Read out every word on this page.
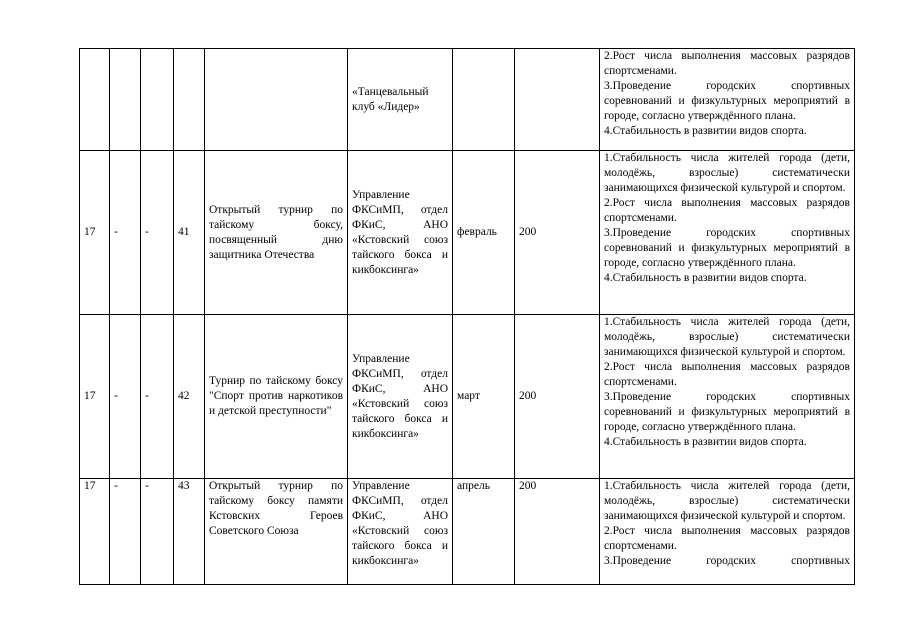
					«Танцевальный клуб «Лидер»			2.Рост числа выполнения массовых разрядов спортсменами.
3.Проведение городских спортивных соревнований и физкультурных мероприятий в городе, согласно утверждённого плана.
4.Стабильность в развитии видов спорта.

17	-	-	41	Открытый турнир по тайскому боксу, посвященный дню защитника Отечества	Управление ФКСиМП, отдел ФКиС, АНО «Кстовский союз тайского бокса и кикбоксинга»	февраль	200	1.Стабильность числа жителей города (дети, молодёжь, взрослые) систематически занимающихся физической культурой и спортом.
2.Рост числа выполнения массовых разрядов спортсменами.
3.Проведение городских спортивных соревнований и физкультурных мероприятий в городе, согласно утверждённого плана.
4.Стабильность в развитии видов спорта.

17	-	-	42	Турнир по тайскому боксу "Спорт против наркотиков и детской преступности"	Управление ФКСиМП, отдел ФКиС, АНО «Кстовский союз тайского бокса и кикбоксинга»	март	200	1.Стабильность числа жителей города (дети, молодёжь, взрослые) систематически занимающихся физической культурой и спортом.
2.Рост числа выполнения массовых разрядов спортсменами.
3.Проведение городских спортивных соревнований и физкультурных мероприятий в городе, согласно утверждённого плана.
4.Стабильность в развитии видов спорта.

17	-	-	43	Открытый турнир по тайскому боксу памяти Кстовских Героев Советского Союза	Управление ФКСиМП, отдел ФКиС, АНО «Кстовский союз тайского бокса и кикбоксинга»	апрель	200	1.Стабильность числа жителей города (дети, молодёжь, взрослые) систематически занимающихся физической культурой и спортом.
2.Рост числа выполнения массовых разрядов спортсменами.
3.Проведение городских спортивных
